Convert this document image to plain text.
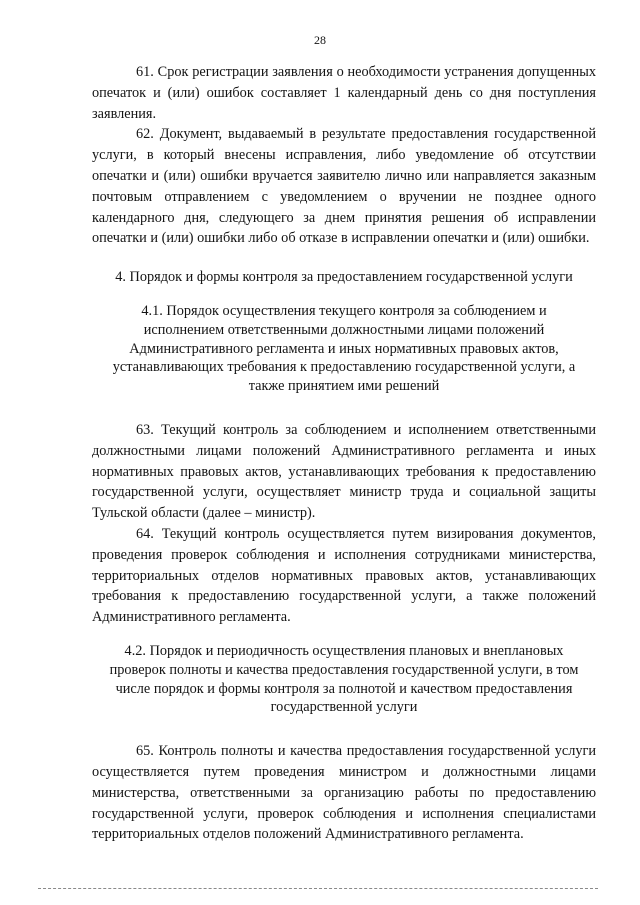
28

61. Срок регистрации заявления о необходимости устранения допущенных опечаток и (или) ошибок составляет 1 календарный день со дня поступления заявления.

62. Документ, выдаваемый в результате предоставления государственной услуги, в который внесены исправления, либо уведомление об отсутствии опечатки и (или) ошибки вручается заявителю лично или направляется заказным почтовым отправлением с уведомлением о вручении не позднее одного календарного дня, следующего за днем принятия решения об исправлении опечатки и (или) ошибки либо об отказе в исправлении опечатки и (или) ошибки.

4. Порядок и формы контроля за предоставлением государственной услуги

4.1. Порядок осуществления текущего контроля за соблюдением и исполнением ответственными должностными лицами положений Административного регламента и иных нормативных правовых актов, устанавливающих требования к предоставлению государственной услуги, а также принятием ими решений

63. Текущий контроль за соблюдением и исполнением ответственными должностными лицами положений Административного регламента и иных нормативных правовых актов, устанавливающих требования к предоставлению государственной услуги, осуществляет министр труда и социальной защиты Тульской области (далее – министр).

64. Текущий контроль осуществляется путем визирования документов, проведения проверок соблюдения и исполнения сотрудниками министерства, территориальных отделов нормативных правовых актов, устанавливающих требования к предоставлению государственной услуги, а также положений Административного регламента.

4.2. Порядок и периодичность осуществления плановых и внеплановых проверок полноты и качества предоставления государственной услуги, в том числе порядок и формы контроля за полнотой и качеством предоставления государственной услуги

65. Контроль полноты и качества предоставления государственной услуги осуществляется путем проведения министром и должностными лицами министерства, ответственными за организацию работы по предоставлению государственной услуги, проверок соблюдения и исполнения специалистами территориальных отделов положений Административного регламента.
